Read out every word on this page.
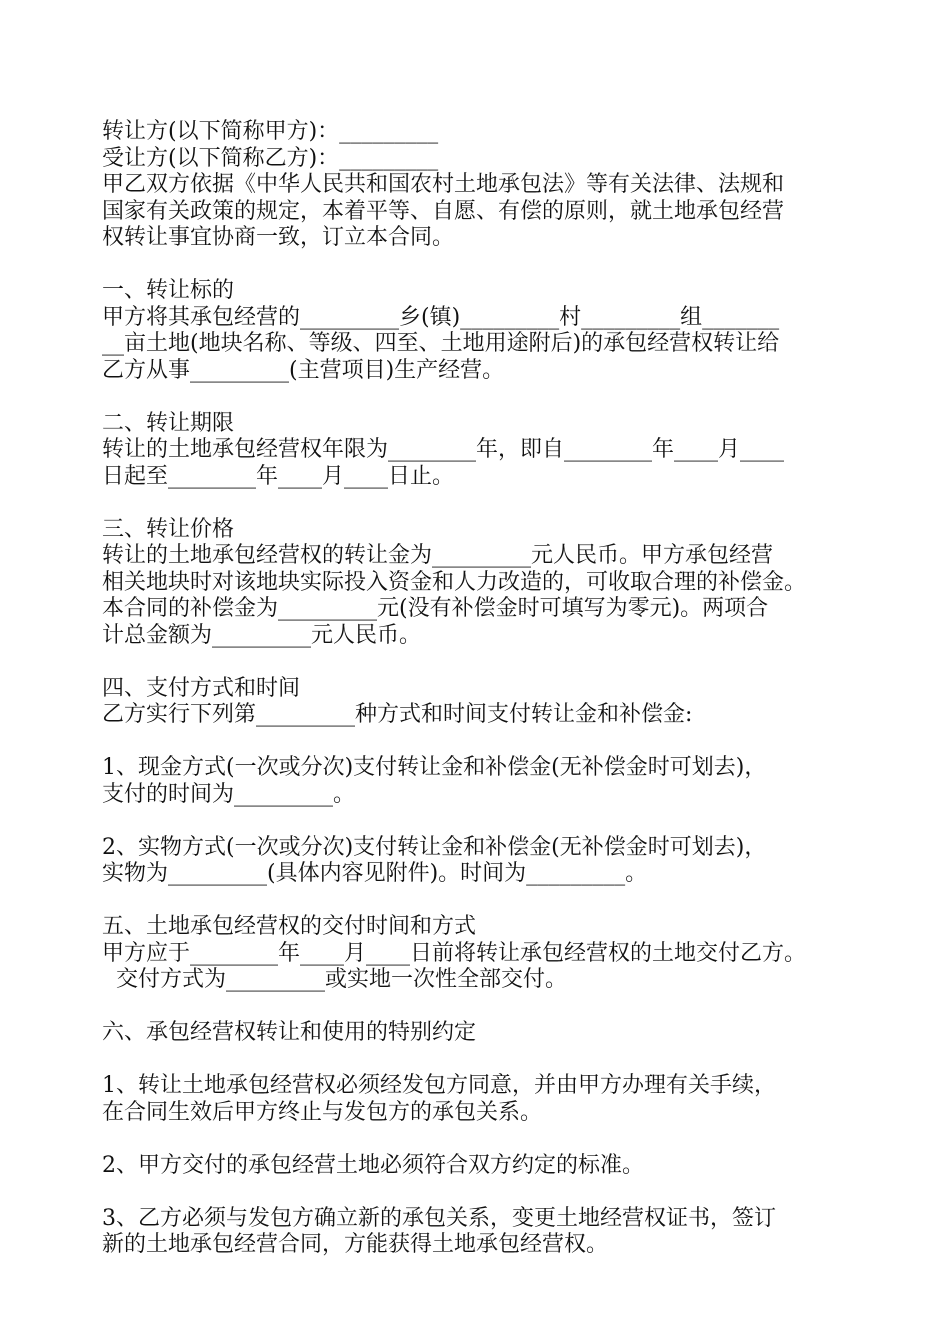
转让方(以下简称甲方)：_________

受让方(以下简称乙方)：_________

甲乙双方依据《中华人民共和国农村土地承包法》等有关法律、法规和

国家有关政策的规定，本着平等、自愿、有偿的原则，就土地承包经营

权转让事宜协商一致，订立本合同。

一、转让标的

甲方将其承包经营的_________乡(镇)_________村_________组_______

__亩土地(地块名称、等级、四至、土地用途附后)的承包经营权转让给

乙方从事_________(主营项目)生产经营。

二、转让期限

转让的土地承包经营权年限为________年，即自________年____月____

日起至________年____月____日止。

三、转让价格

转让的土地承包经营权的转让金为_________元人民币。甲方承包经营

相关地块时对该地块实际投入资金和人力改造的，可收取合理的补偿金。

本合同的补偿金为_________元(没有补偿金时可填写为零元)。两项合

计总金额为_________元人民币。

四、支付方式和时间

乙方实行下列第_________种方式和时间支付转让金和补偿金:

1、现金方式(一次或分次)支付转让金和补偿金(无补偿金时可划去)，

支付的时间为_________。

2、实物方式(一次或分次)支付转让金和补偿金(无补偿金时可划去)，

实物为_________(具体内容见附件)。时间为_________。

五、土地承包经营权的交付时间和方式

甲方应于________年____月____日前将转让承包经营权的土地交付乙方。

交付方式为_________或实地一次性全部交付。

六、承包经营权转让和使用的特别约定

1、转让土地承包经营权必须经发包方同意，并由甲方办理有关手续，

在合同生效后甲方终止与发包方的承包关系。

2、甲方交付的承包经营土地必须符合双方约定的标准。

3、乙方必须与发包方确立新的承包关系，变更土地经营权证书，签订

新的土地承包经营合同，方能获得土地承包经营权。
